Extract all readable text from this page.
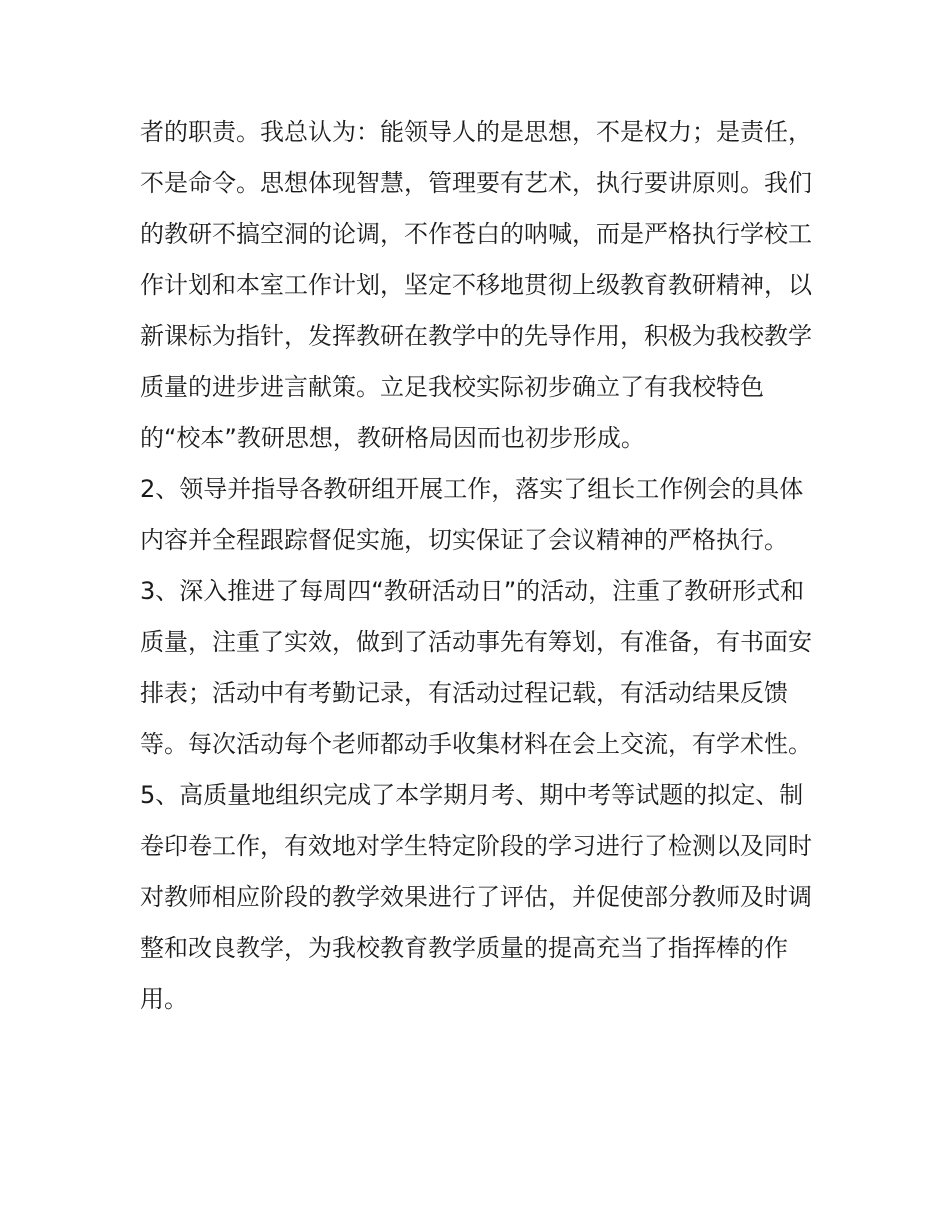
者的职责。我总认为：能领导人的是思想，不是权力；是责任，不是命令。思想体现智慧，管理要有艺术，执行要讲原则。我们的教研不搞空洞的论调，不作苍白的呐喊，而是严格执行学校工作计划和本室工作计划，坚定不移地贯彻上级教育教研精神，以新课标为指针，发挥教研在教学中的先导作用，积极为我校教学质量的进步进言献策。立足我校实际初步确立了有我校特色的“校本”教研思想，教研格局因而也初步形成。

2、领导并指导各教研组开展工作，落实了组长工作例会的具体内容并全程跟踪督促实施，切实保证了会议精神的严格执行。

3、深入推进了每周四“教研活动日”的活动，注重了教研形式和质量，注重了实效，做到了活动事先有筹划，有准备，有书面安排表；活动中有考勤记录，有活动过程记载，有活动结果反馈等。每次活动每个老师都动手收集材料在会上交流，有学术性。

5、高质量地组织完成了本学期月考、期中考等试题的拟定、制卷印卷工作，有效地对学生特定阶段的学习进行了检测以及同时对教师相应阶段的教学效果进行了评估，并促使部分教师及时调整和改良教学，为我校教育教学质量的提高充当了指挥棒的作用。
